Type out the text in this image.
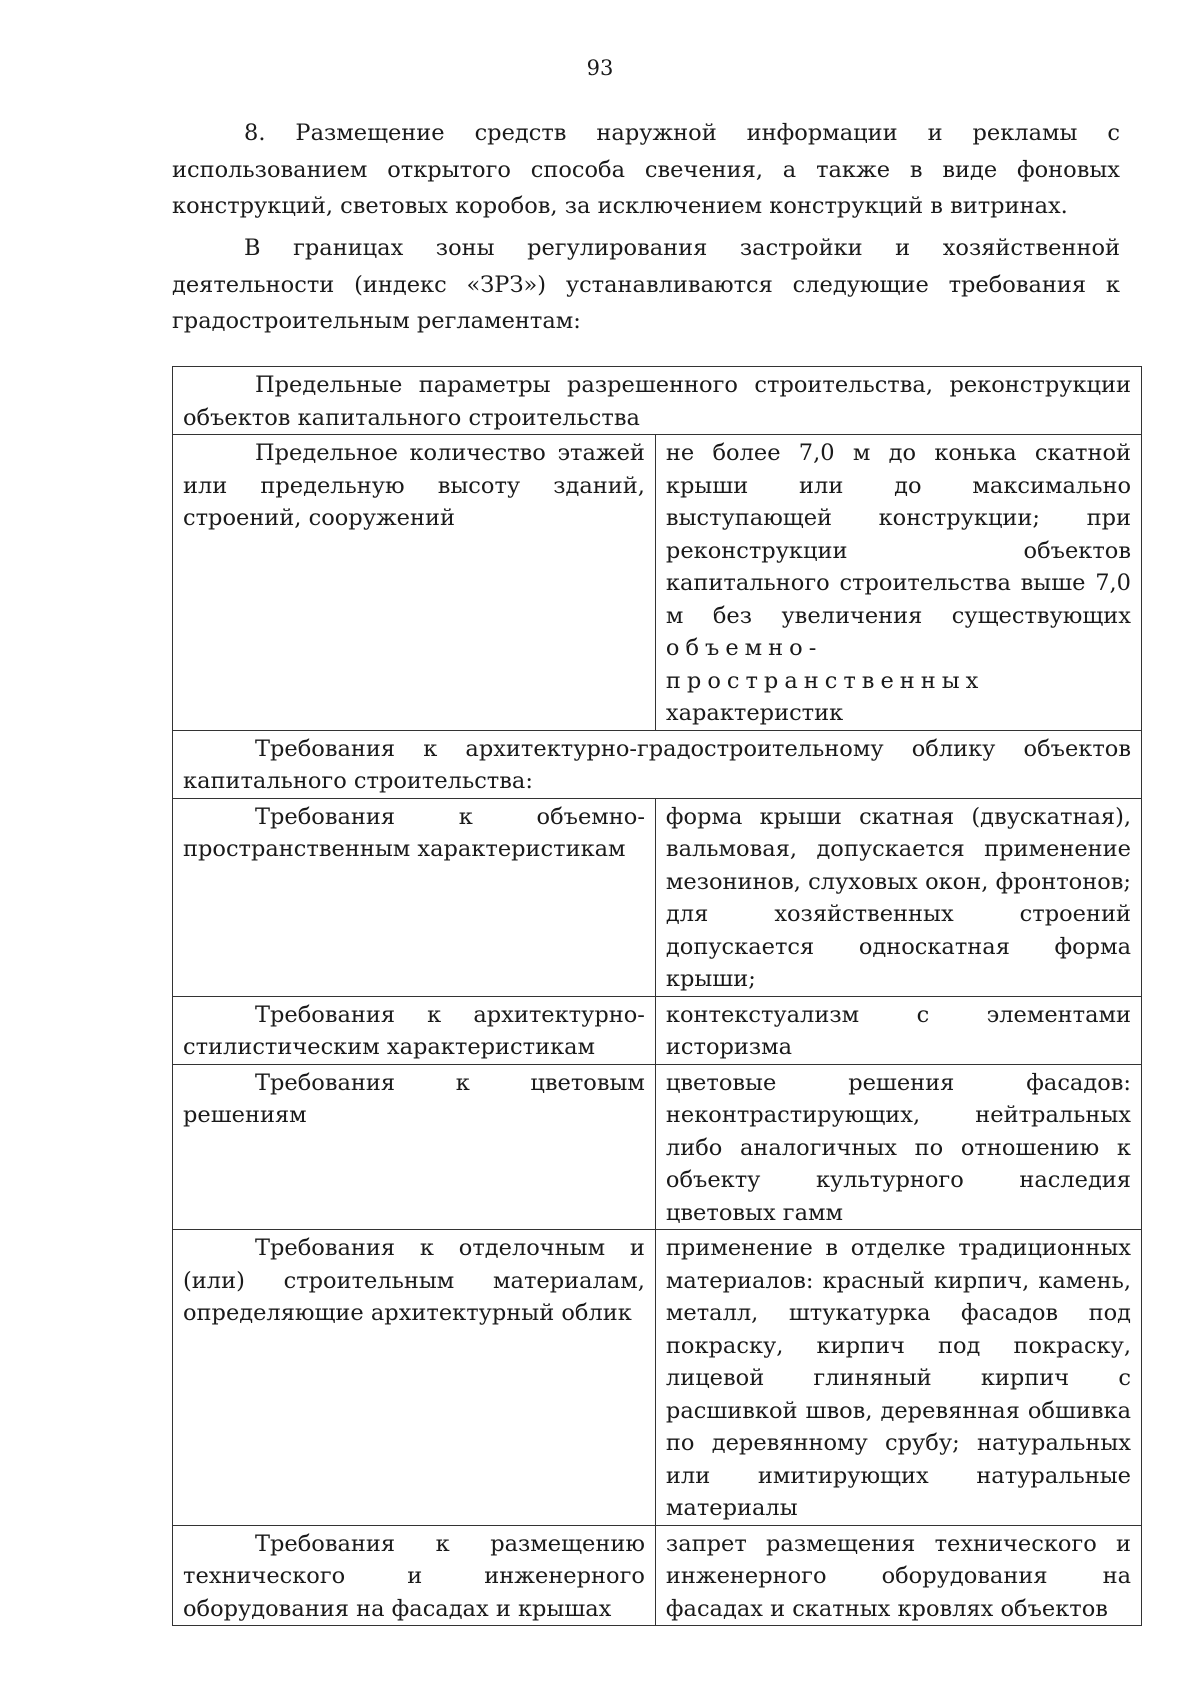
93

8. Размещение средств наружной информации и рекламы с использованием открытого способа свечения, а также в виде фоновых конструкций, световых коробов, за исключением конструкций в витринах.

В границах зоны регулирования застройки и хозяйственной деятельности (индекс «ЗРЗ») устанавливаются следующие требования к градостроительным регламентам:

Предельные параметры разрешенного строительства, реконструкции объектов капитального строительства	

Предельное количество этажей или предельную высоту зданий, строений, сооружений	не более 7,0 м до конька скатной крыши или до максимально выступающей конструкции; при реконструкции объектов капитального строительства выше 7,0 м без увеличения существующих объемно-пространственных характеристик

Требования к архитектурно-градостроительному облику объектов капитального строительства:	

Требования к объемно-пространственным характеристикам	форма крыши скатная (двускатная), вальмовая, допускается применение мезонинов, слуховых окон, фронтонов; для хозяйственных строений допускается односкатная форма крыши;

Требования к архитектурно-стилистическим характеристикам	контекстуализм с элементами историзма

Требования к цветовым решениям	цветовые решения фасадов: неконтрастирующих, нейтральных либо аналогичных по отношению к объекту культурного наследия цветовых гамм

Требования к отделочным и (или) строительным материалам, определяющие архитектурный облик	применение в отделке традиционных материалов: красный кирпич, камень, металл, штукатурка фасадов под покраску, кирпич под покраску, лицевой глиняный кирпич с расшивкой швов, деревянная обшивка по деревянному срубу; натуральных или имитирующих натуральные материалы

Требования к размещению технического и инженерного оборудования на фасадах и крышах	запрет размещения технического и инженерного оборудования на фасадах и скатных кровлях объектов
